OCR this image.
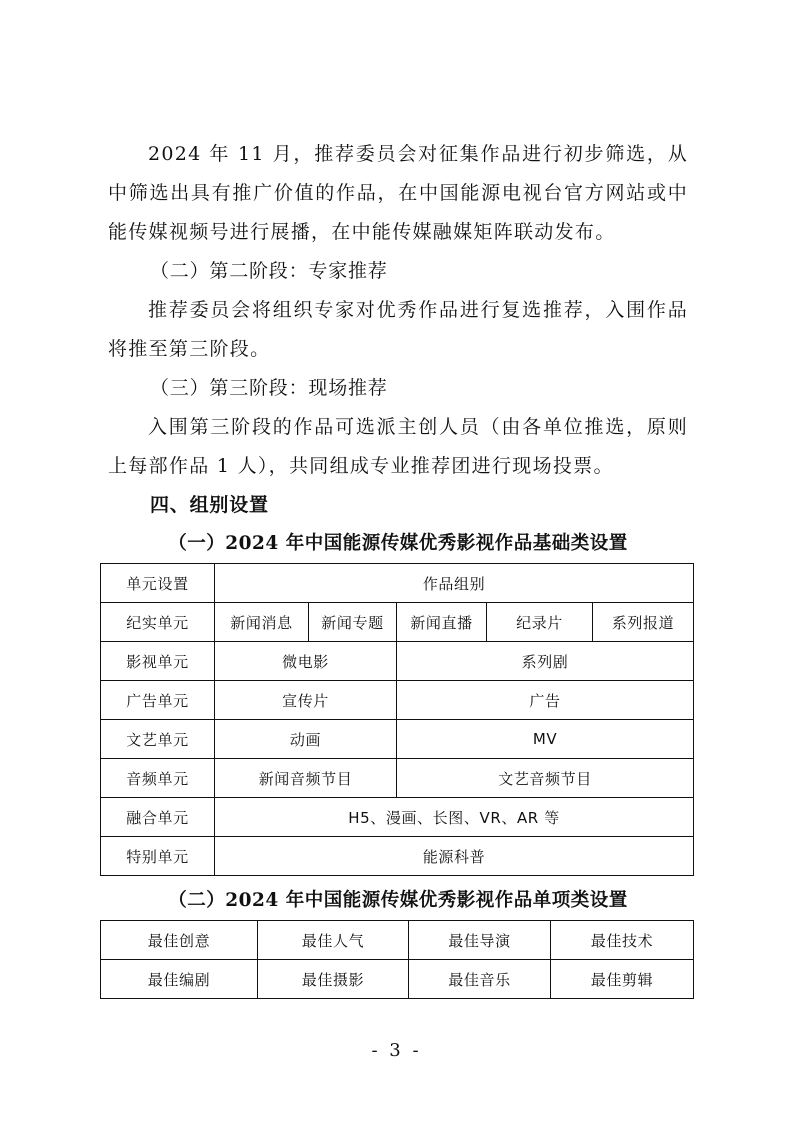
2024 年 11 月，推荐委员会对征集作品进行初步筛选，从中筛选出具有推广价值的作品，在中国能源电视台官方网站或中能传媒视频号进行展播，在中能传媒融媒矩阵联动发布。

（二）第二阶段：专家推荐

推荐委员会将组织专家对优秀作品进行复选推荐，入围作品将推至第三阶段。

（三）第三阶段：现场推荐

入围第三阶段的作品可选派主创人员（由各单位推选，原则上每部作品 1 人），共同组成专业推荐团进行现场投票。

四、组别设置

（一）2024 年中国能源传媒优秀影视作品基础类设置

单元设置	作品组别				
纪实单元	新闻消息	新闻专题	新闻直播	纪录片	系列报道
影视单元	微电影		系列剧		
广告单元	宣传片		广告		
文艺单元	动画		MV		
音频单元	新闻音频节目		文艺音频节目		
融合单元	H5、漫画、长图、VR、AR 等				
特别单元	能源科普				

（二）2024 年中国能源传媒优秀影视作品单项类设置

最佳创意	最佳人气	最佳导演	最佳技术
最佳编剧	最佳摄影	最佳音乐	最佳剪辑
- 3 -
